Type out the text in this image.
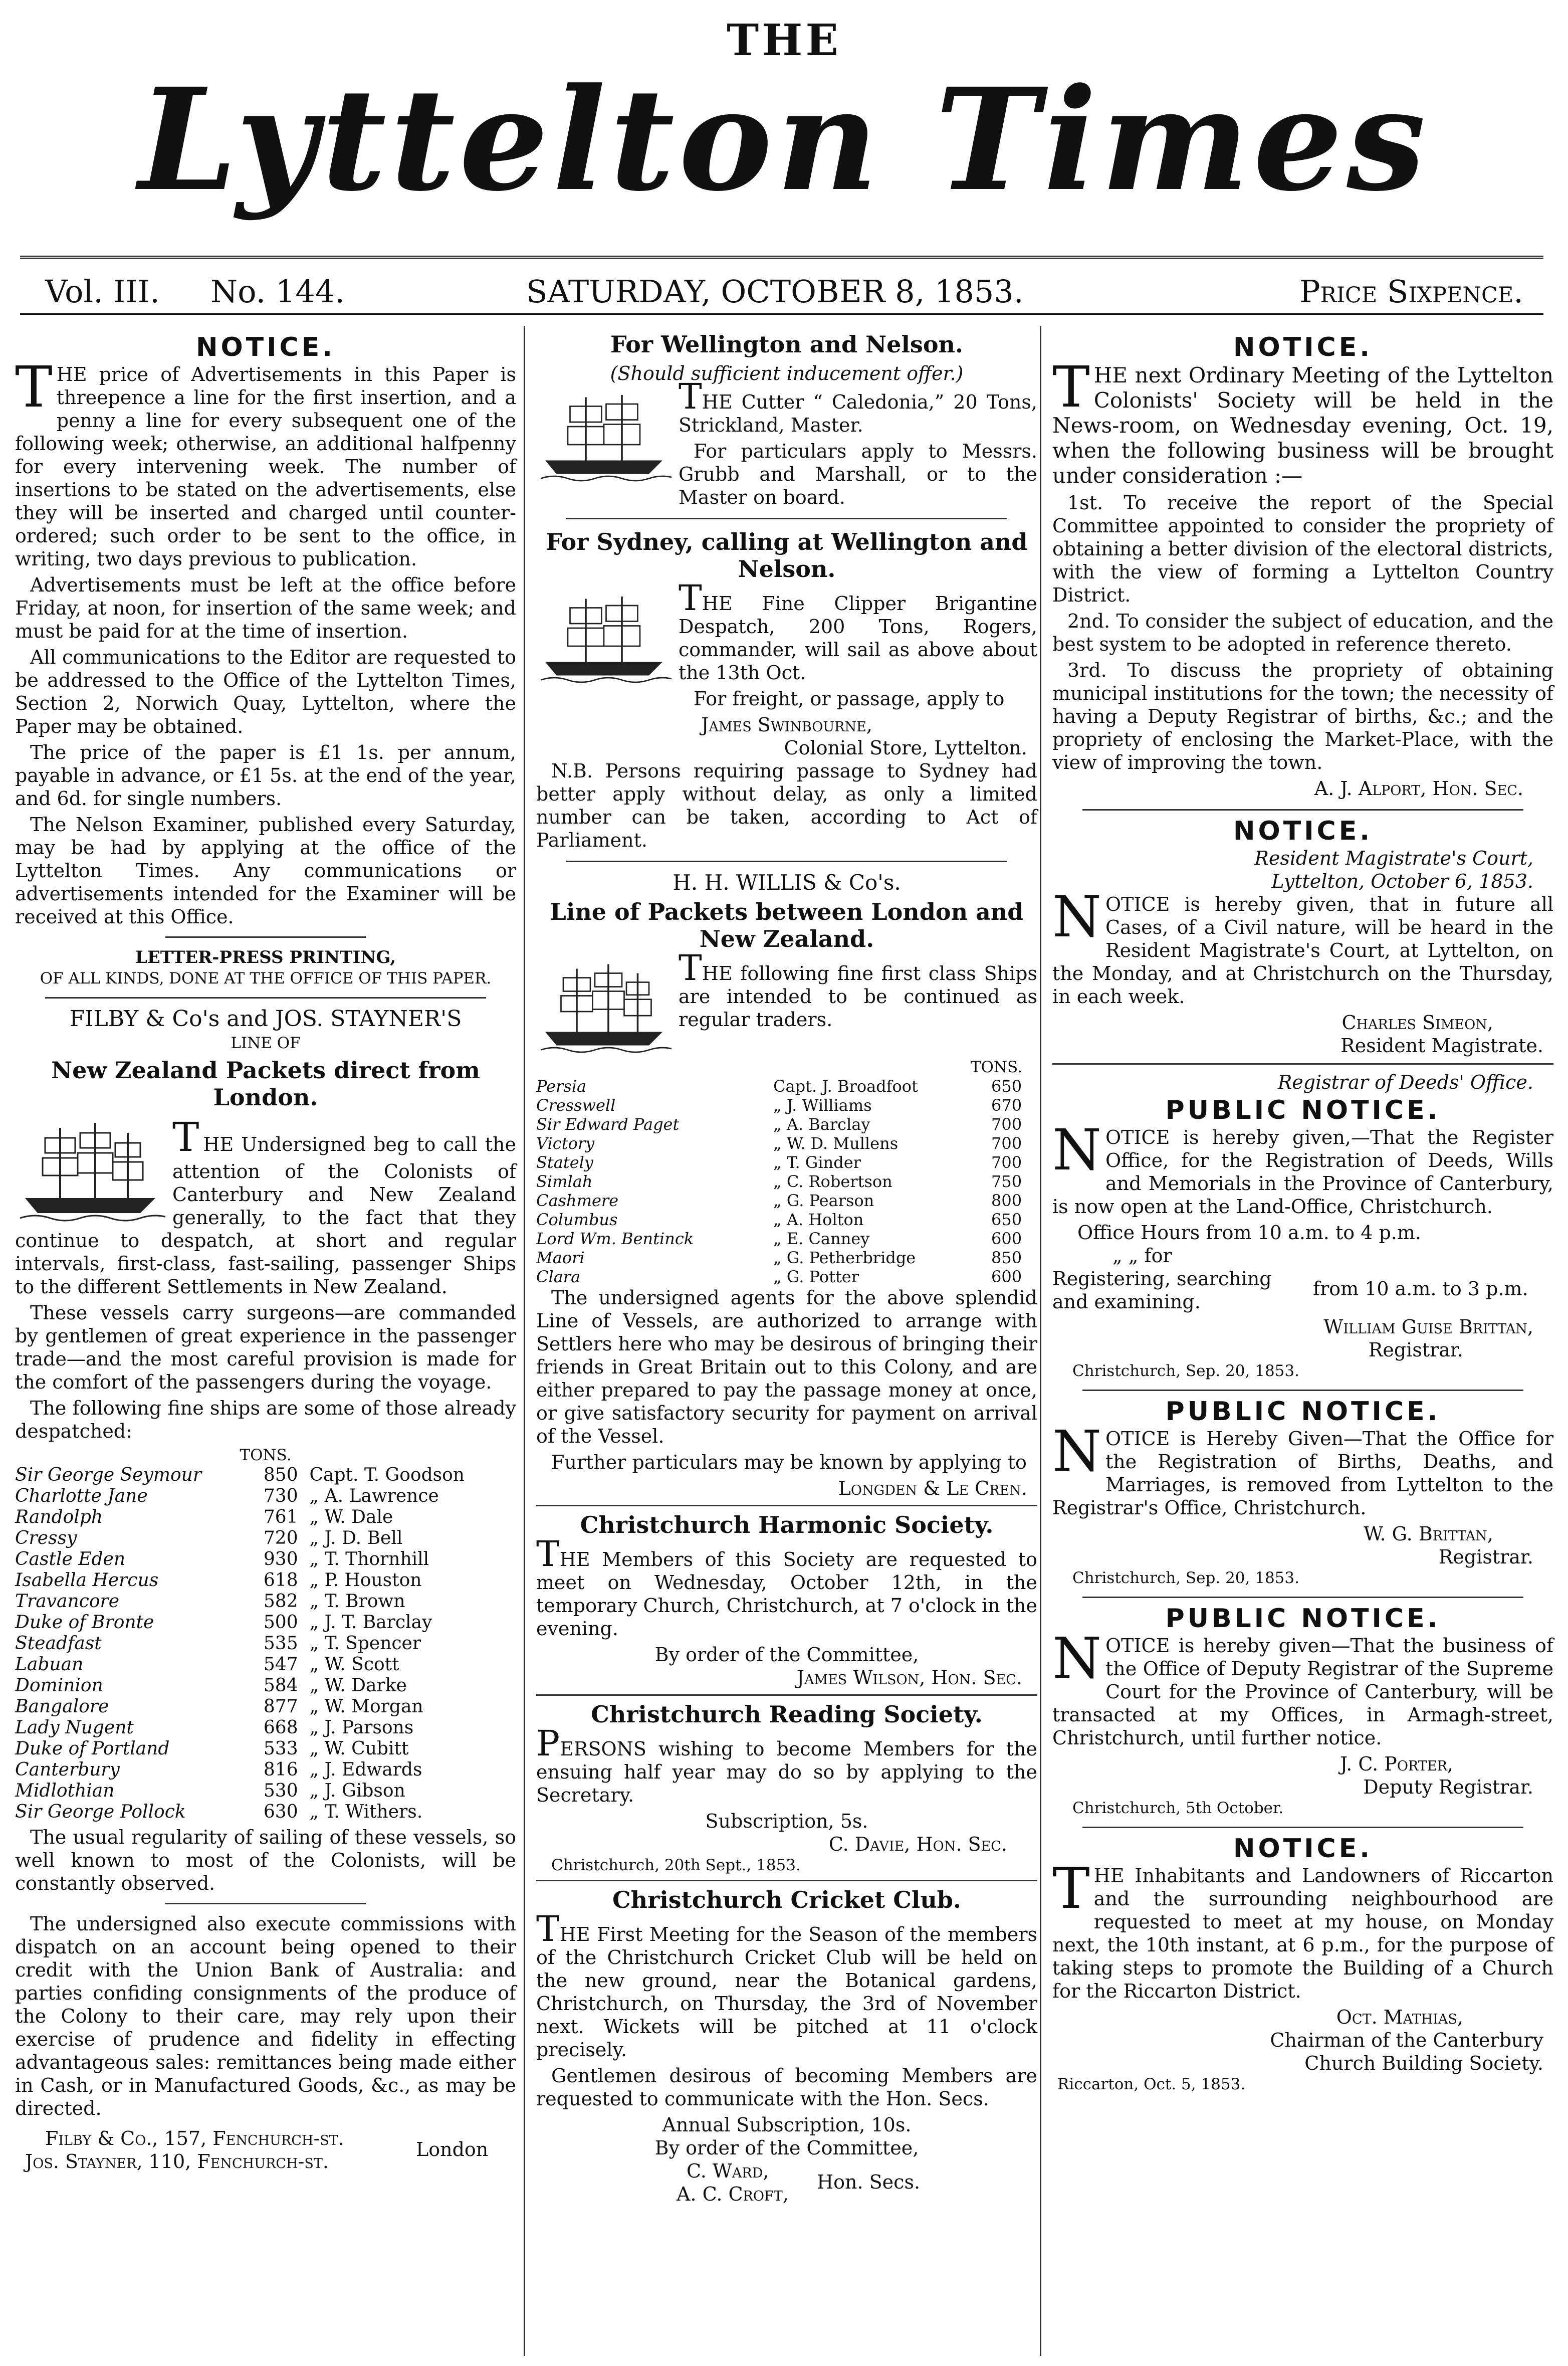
THE
Lyttelton Times
Vol. III. No. 144.	SATURDAY, OCTOBER 8, 1853.	Price Sixpence.
NOTICE.

THE price of Advertisements in this Paper is threepence a line for the first insertion, and a penny a line for every subsequent one of the following week; otherwise, an additional halfpenny for every intervening week. The number of insertions to be stated on the advertisements, else they will be inserted and charged until counter-ordered; such order to be sent to the office, in writing, two days previous to publication.

Advertisements must be left at the office before Friday, at noon, for insertion of the same week; and must be paid for at the time of insertion.

All communications to the Editor are requested to be addressed to the Office of the Lyttelton Times, Section 2, Norwich Quay, Lyttelton, where the Paper may be obtained.

The price of the paper is £1 1s. per annum, payable in advance, or £1 5s. at the end of the year, and 6d. for single numbers.

The Nelson Examiner, published every Saturday, may be had by applying at the office of the Lyttelton Times. Any communications or advertisements intended for the Examiner will be received at this Office.

LETTER-PRESS PRINTING,
OF ALL KINDS, DONE AT THE OFFICE OF THIS PAPER.
FILBY & Co's and JOS. STAYNER'S
LINE OF
New Zealand Packets direct from London.

THE Undersigned beg to call the attention of the Colonists of Canterbury and New Zealand generally, to the fact that they continue to despatch, at short and regular intervals, first-class, fast-sailing, passenger Ships to the different Settlements in New Zealand.

These vessels carry surgeons—are commanded by gentlemen of great experience in the passenger trade—and the most careful provision is made for the comfort of the passengers during the voyage.

The following fine ships are some of those already despatched:

TONS.
Sir George Seymour	850	Capt. T. Goodson
Charlotte Jane	730	„ A. Lawrence
Randolph	761	„ W. Dale
Cressy	720	„ J. D. Bell
Castle Eden	930	„ T. Thornhill
Isabella Hercus	618	„ P. Houston
Travancore	582	„ T. Brown
Duke of Bronte	500	„ J. T. Barclay
Steadfast	535	„ T. Spencer
Labuan	547	„ W. Scott
Dominion	584	„ W. Darke
Bangalore	877	„ W. Morgan
Lady Nugent	668	„ J. Parsons
Duke of Portland	533	„ W. Cubitt
Canterbury	816	„ J. Edwards
Midlothian	530	„ J. Gibson
Sir George Pollock	630	„ T. Withers.

The usual regularity of sailing of these vessels, so well known to most of the Colonists, will be constantly observed.

The undersigned also execute commissions with dispatch on an account being opened to their credit with the Union Bank of Australia: and parties confiding consignments of the produce of the Colony to their care, may rely upon their exercise of prudence and fidelity in effecting advantageous sales: remittances being made either in Cash, or in Manufactured Goods, &c., as may be directed.

Filby & Co., 157, Fenchurch-st.
Jos. Stayner, 110, Fenchurch-st.
London
For Wellington and Nelson.
(Should sufficient inducement offer.)

THE Cutter “ Caledonia,” 20 Tons, Strickland, Master.

For particulars apply to Messrs. Grubb and Marshall, or to the Master on board.

For Sydney, calling at Wellington and Nelson.

THE Fine Clipper Brigantine Despatch, 200 Tons, Rogers, commander, will sail as above about the 13th Oct.

For freight, or passage, apply to

James Swinbourne,
Colonial Store, Lyttelton.

N.B. Persons requiring passage to Sydney had better apply without delay, as only a limited number can be taken, according to Act of Parliament.

H. H. WILLIS & Co's.
Line of Packets between London and New Zealand.

THE following fine first class Ships are intended to be continued as regular traders.

TONS.
Persia	Capt. J. Broadfoot	650
Cresswell	„ J. Williams	670
Sir Edward Paget	„ A. Barclay	700
Victory	„ W. D. Mullens	700
Stately	„ T. Ginder	700
Simlah	„ C. Robertson	750
Cashmere	„ G. Pearson	800
Columbus	„ A. Holton	650
Lord Wm. Bentinck	„ E. Canney	600
Maori	„ G. Petherbridge	850
Clara	„ G. Potter	600

The undersigned agents for the above splendid Line of Vessels, are authorized to arrange with Settlers here who may be desirous of bringing their friends in Great Britain out to this Colony, and are either prepared to pay the passage money at once, or give satisfactory security for payment on arrival of the Vessel.

Further particulars may be known by applying to

Longden & Le Cren.
Christchurch Harmonic Society.

THE Members of this Society are requested to meet on Wednesday, October 12th, in the temporary Church, Christchurch, at 7 o'clock in the evening.

By order of the Committee,
James Wilson, Hon. Sec.
Christchurch Reading Society.

PERSONS wishing to become Members for the ensuing half year may do so by applying to the Secretary.

Subscription, 5s.
C. Davie, Hon. Sec.
Christchurch, 20th Sept., 1853.
Christchurch Cricket Club.

THE First Meeting for the Season of the members of the Christchurch Cricket Club will be held on the new ground, near the Botanical gardens, Christchurch, on Thursday, the 3rd of November next. Wickets will be pitched at 11 o'clock precisely.

Gentlemen desirous of becoming Members are requested to communicate with the Hon. Secs.

Annual Subscription, 10s.
By order of the Committee,
C. Ward,
A. C. Croft,
Hon. Secs.
NOTICE.

THE next Ordinary Meeting of the Lyttelton Colonists' Society will be held in the News-room, on Wednesday evening, Oct. 19, when the following business will be brought under consideration :—

1st. To receive the report of the Special Committee appointed to consider the propriety of obtaining a better division of the electoral districts, with the view of forming a Lyttelton Country District.

2nd. To consider the subject of education, and the best system to be adopted in reference thereto.

3rd. To discuss the propriety of obtaining municipal institutions for the town; the necessity of having a Deputy Registrar of births, &c.; and the propriety of enclosing the Market-Place, with the view of improving the town.

A. J. Alport, Hon. Sec.
NOTICE.
Resident Magistrate's Court,
Lyttelton, October 6, 1853.

NOTICE is hereby given, that in future all Cases, of a Civil nature, will be heard in the Resident Magistrate's Court, at Lyttelton, on the Monday, and at Christchurch on the Thursday, in each week.

Charles Simeon,
Resident Magistrate.
Registrar of Deeds' Office.
PUBLIC NOTICE.

NOTICE is hereby given,—That the Register Office, for the Registration of Deeds, Wills and Memorials in the Province of Canterbury, is now open at the Land-Office, Christchurch.

Office Hours from 10 a.m. to 4 p.m.
„ „ for
Registering, searching and examining.
from 10 a.m. to 3 p.m.
William Guise Brittan,
Registrar.
Christchurch, Sep. 20, 1853.
PUBLIC NOTICE.

NOTICE is Hereby Given—That the Office for the Registration of Births, Deaths, and Marriages, is removed from Lyttelton to the Registrar's Office, Christchurch.

W. G. Brittan,
Registrar.
Christchurch, Sep. 20, 1853.
PUBLIC NOTICE.

NOTICE is hereby given—That the business of the Office of Deputy Registrar of the Supreme Court for the Province of Canterbury, will be transacted at my Offices, in Armagh-street, Christchurch, until further notice.

J. C. Porter,
Deputy Registrar.
Christchurch, 5th October.
NOTICE.

THE Inhabitants and Landowners of Riccarton and the surrounding neighbourhood are requested to meet at my house, on Monday next, the 10th instant, at 6 p.m., for the purpose of taking steps to promote the Building of a Church for the Riccarton District.

Oct. Mathias,
Chairman of the Canterbury
Church Building Society.
Riccarton, Oct. 5, 1853.
